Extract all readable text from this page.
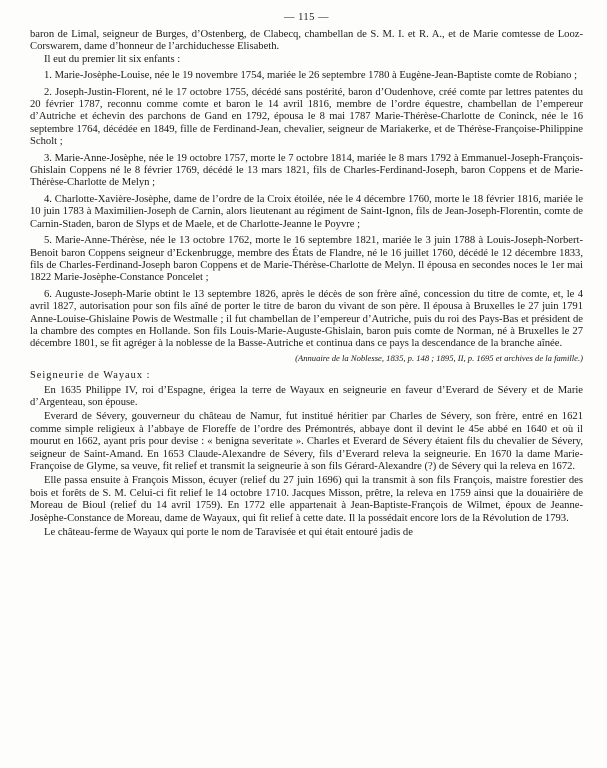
— 115 —

baron de Limal, seigneur de Burges, d’Ostenberg, de Clabecq, chambellan de S. M. I. et R. A., et de Marie comtesse de Looz-Corswarem, dame d’honneur de l’archiduchesse Elisabeth.

Il eut du premier lit six enfants :

1. Marie-Josèphe-Louise, née le 19 novembre 1754, mariée le 26 septembre 1780 à Eugène-Jean-Baptiste comte de Robiano ;

2. Joseph-Justin-Florent, né le 17 octobre 1755, décédé sans postérité, baron d’Oudenhove, créé comte par lettres patentes du 20 février 1787, reconnu comme comte et baron le 14 avril 1816, membre de l’ordre équestre, chambellan de l’empereur d’Autriche et échevin des parchons de Gand en 1792, épousa le 8 mai 1787 Marie-Thérèse-Charlotte de Coninck, née le 16 septembre 1764, décédée en 1849, fille de Ferdinand-Jean, chevalier, seigneur de Mariakerke, et de Thérèse-Françoise-Philippine Scholt ;

3. Marie-Anne-Josèphe, née le 19 octobre 1757, morte le 7 octobre 1814, mariée le 8 mars 1792 à Emmanuel-Joseph-François-Ghislain Coppens né le 8 février 1769, décédé le 13 mars 1821, fils de Charles-Ferdinand-Joseph, baron Coppens et de Marie-Thérèse-Charlotte de Melyn ;

4. Charlotte-Xavière-Josèphe, dame de l’ordre de la Croix étoilée, née le 4 décembre 1760, morte le 18 février 1816, mariée le 10 juin 1783 à Maximilien-Joseph de Carnin, alors lieutenant au régiment de Saint-Ignon, fils de Jean-Joseph-Florentin, comte de Carnin-Staden, baron de Slyps et de Maele, et de Charlotte-Jeanne le Poyvre ;

5. Marie-Anne-Thérèse, née le 13 octobre 1762, morte le 16 septembre 1821, mariée le 3 juin 1788 à Louis-Joseph-Norbert-Benoit baron Coppens seigneur d’Eckenbrugge, membre des États de Flandre, né le 16 juillet 1760, décédé le 12 décembre 1833, fils de Charles-Ferdinand-Joseph baron Coppens et de Marie-Thérèse-Charlotte de Melyn. Il épousa en secondes noces le 1er mai 1822 Marie-Josèphe-Constance Poncelet ;

6. Auguste-Joseph-Marie obtint le 13 septembre 1826, après le décès de son frère aîné, concession du titre de comte, et, le 4 avril 1827, autorisation pour son fils aîné de porter le titre de baron du vivant de son père. Il épousa à Bruxelles le 27 juin 1791 Anne-Louise-Ghislaine Powis de Westmalle ; il fut chambellan de l’empereur d’Autriche, puis du roi des Pays-Bas et président de la chambre des comptes en Hollande. Son fils Louis-Marie-Auguste-Ghislain, baron puis comte de Norman, né à Bruxelles le 27 décembre 1801, se fit agréger à la noblesse de la Basse-Autriche et continua dans ce pays la descendance de la branche aînée.

(Annuaire de la Noblesse, 1835, p. 148 ; 1895, II, p. 1695 et archives de la famille.)

Seigneurie de Wayaux :

En 1635 Philippe IV, roi d’Espagne, érigea la terre de Wayaux en seigneurie en faveur d’Everard de Sévery et de Marie d’Argenteau, son épouse.

Everard de Sévery, gouverneur du château de Namur, fut institué héritier par Charles de Sévery, son frère, entré en 1621 comme simple religieux à l’abbaye de Floreffe de l’ordre des Prémontrés, abbaye dont il devint le 45e abbé en 1640 et où il mourut en 1662, ayant pris pour devise : « benigna severitate ». Charles et Everard de Sévery étaient fils du chevalier de Sévery, seigneur de Saint-Amand. En 1653 Claude-Alexandre de Sévery, fils d’Everard releva la seigneurie. En 1670 la dame Marie-Françoise de Glyme, sa veuve, fit relief et transmit la seigneurie à son fils Gérard-Alexandre (?) de Sévery qui la releva en 1672.

Elle passa ensuite à François Misson, écuyer (relief du 27 juin 1696) qui la transmit à son fils François, maistre forestier des bois et forêts de S. M. Celui-ci fit relief le 14 octobre 1710. Jacques Misson, prêtre, la releva en 1759 ainsi que la douairière de Moreau de Bioul (relief du 14 avril 1759). En 1772 elle appartenait à Jean-Baptiste-François de Wilmet, époux de Jeanne-Josèphe-Constance de Moreau, dame de Wayaux, qui fit relief à cette date. Il la possédait encore lors de la Révolution de 1793.

Le château-ferme de Wayaux qui porte le nom de Taravisée et qui était entouré jadis de
